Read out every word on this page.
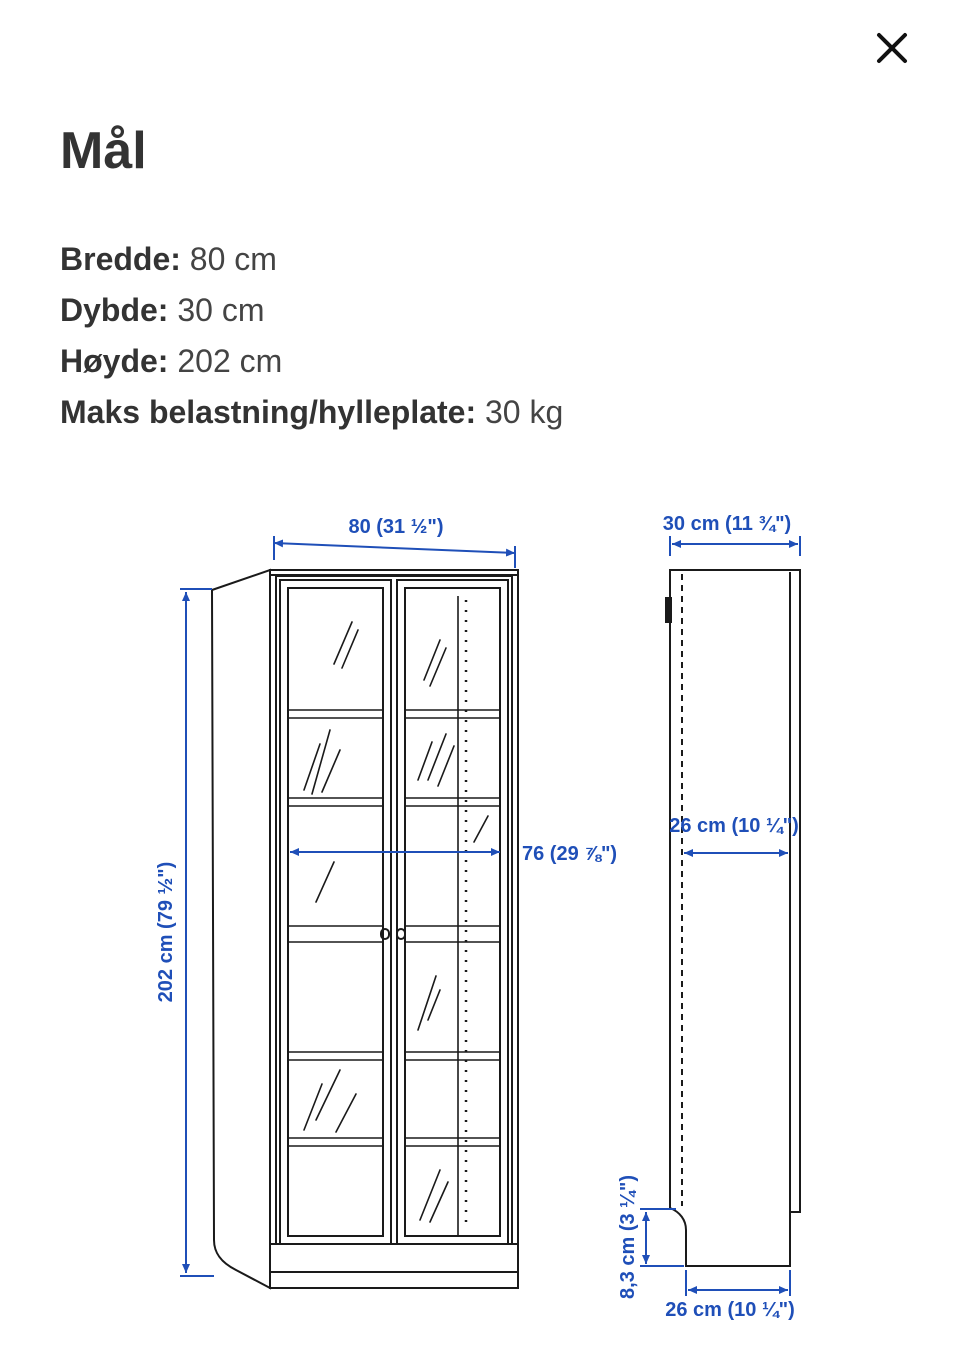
Mål
Bredde: 80 cm
Dybde: 30 cm
Høyde: 202 cm
Maks belastning/hylleplate: 30 kg
80 (31 ½")
202 cm (79 ½")
76 (29 ⅞")
30 cm (11 ¾")
26 cm (10 ¼")
8,3 cm (3 ¼")
26 cm (10 ¼")
